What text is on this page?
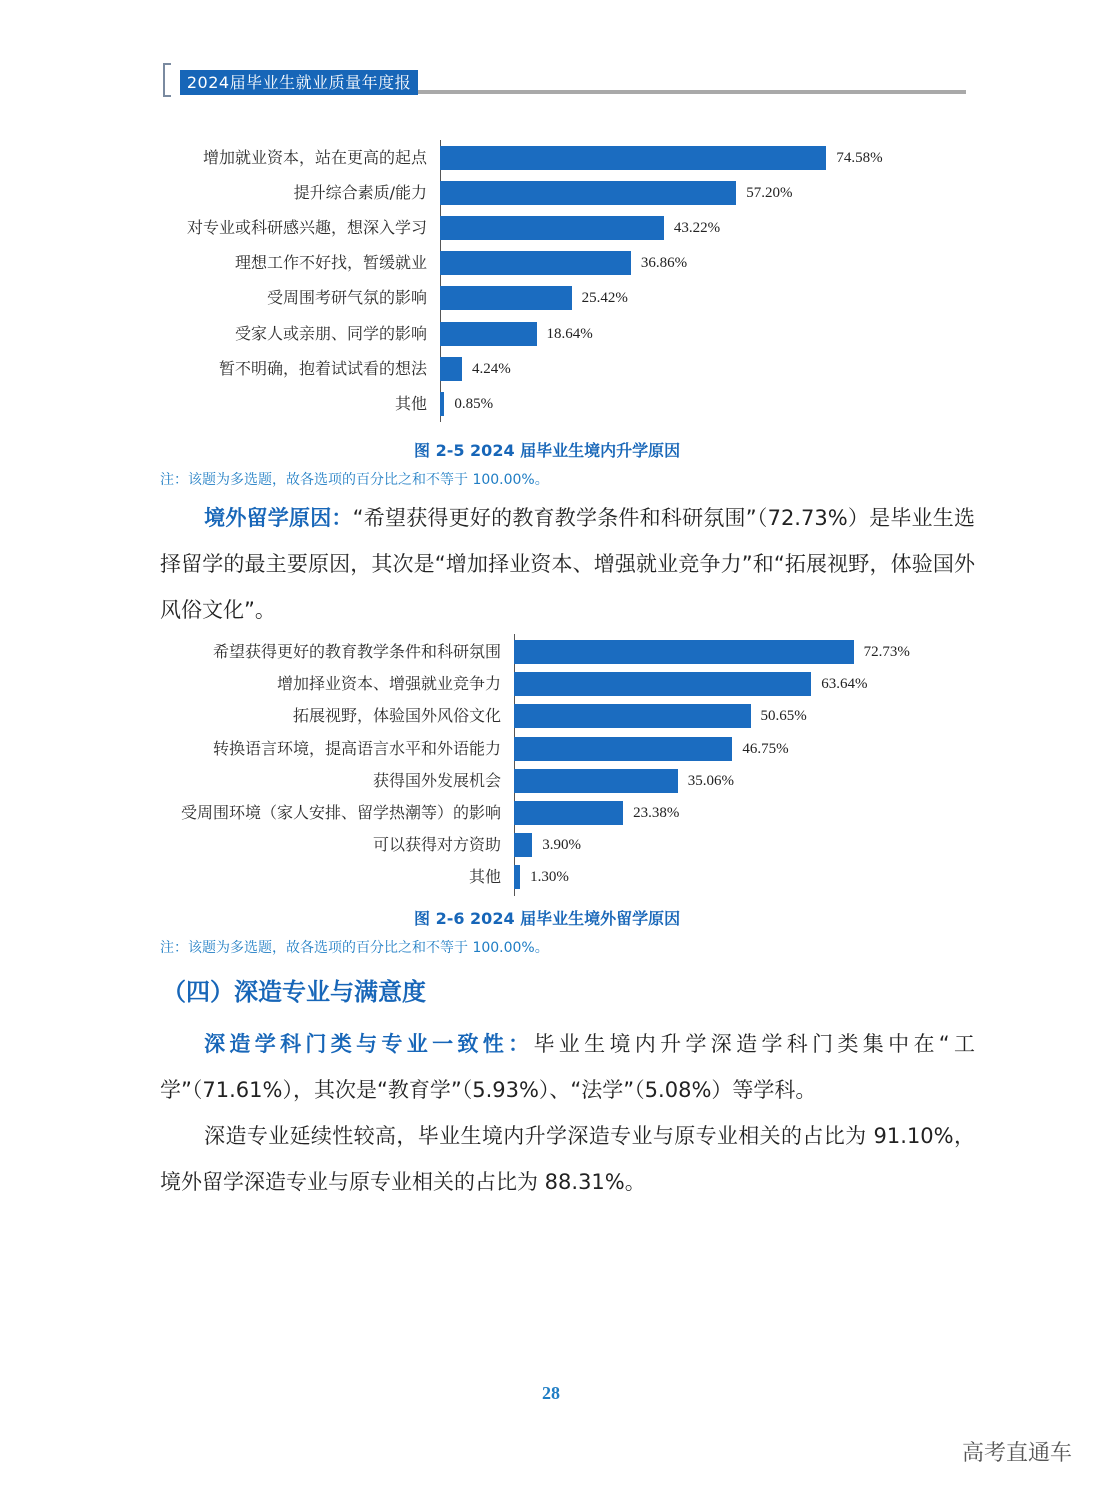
2024届毕业生就业质量年度报告
增加就业资本，站在更高的起点	74.58%
提升综合素质/能力	57.20%
对专业或科研感兴趣，想深入学习	43.22%
理想工作不好找，暂缓就业	36.86%
受周围考研气氛的影响	25.42%
受家人或亲朋、同学的影响	18.64%
暂不明确，抱着试试看的想法	4.24%
其他 0.85%
图 2-5 2024 届毕业生境内升学原因
注：该题为多选题，故各选项的百分比之和不等于 100.00%。
境外留学原因：“希望获得更好的教育教学条件和科研氛围”（72.73%）是毕业生选择留学的最主要原因，其次是“增加择业资本、增强就业竞争力”和“拓展视野，体验国外风俗文化”。
希望获得更好的教育教学条件和科研氛围	72.73%
增加择业资本、增强就业竞争力	63.64%
拓展视野，体验国外风俗文化	50.65%
转换语言环境，提高语言水平和外语能力	46.75%
获得国外发展机会	35.06%
受周围环境（家人安排、留学热潮等）的影响	23.38%
可以获得对方资助	3.90%
其他 1.30%
图 2-6 2024 届毕业生境外留学原因
注：该题为多选题，故各选项的百分比之和不等于 100.00%。
（四）深造专业与满意度
深造学科门类与专业一致性：毕业生境内升学深造学科门类集中在“工学”（71.61%），其次是“教育学”（5.93%）、“法学”（5.08%）等学科。
深造专业延续性较高，毕业生境内升学深造专业与原专业相关的占比为 91.10%，境外留学深造专业与原专业相关的占比为 88.31%。
28
高考直通车
